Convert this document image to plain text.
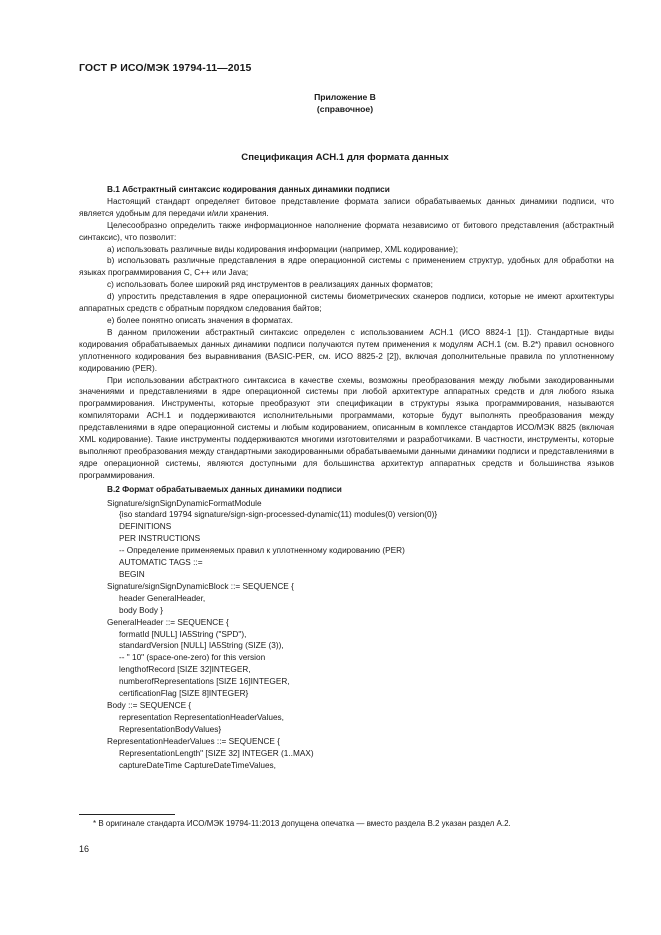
ГОСТ Р ИСО/МЭК 19794-11—2015
Приложение В
(справочное)
Спецификация АСН.1 для формата данных
В.1 Абстрактный синтаксис кодирования данных динамики подписи
Настоящий стандарт определяет битовое представление формата записи обрабатываемых данных динамики подписи, что является удобным для передачи и/или хранения.
Целесообразно определить также информационное наполнение формата независимо от битового представления (абстрактный синтаксис), что позволит:
а) использовать различные виды кодирования информации (например, XML кодирование);
b) использовать различные представления в ядре операционной системы с применением структур, удобных для обработки на языках программирования С, С++ или Java;
c) использовать более широкий ряд инструментов в реализациях данных форматов;
d) упростить представления в ядре операционной системы биометрических сканеров подписи, которые не имеют архитектуры аппаратных средств с обратным порядком следования байтов;
e) более понятно описать значения в форматах.
В данном приложении абстрактный синтаксис определен с использованием АСН.1 (ИСО 8824-1 [1]). Стандартные виды кодирования обрабатываемых данных динамики подписи получаются путем применения к модулям АСН.1 (см. В.2*) правил основного уплотненного кодирования без выравнивания (BASIC-PER, см. ИСО 8825-2 [2]), включая дополнительные правила по уплотненному кодированию (PER).
При использовании абстрактного синтаксиса в качестве схемы, возможны преобразования между любыми закодированными значениями и представлениями в ядре операционной системы при любой архитектуре аппаратных средств и для любого языка программирования. Инструменты, которые преобразуют эти спецификации в структуры языка программирования, называются компиляторами АСН.1 и поддерживаются исполнительными программами, которые будут выполнять преобразования между представлениями в ядре операционной системы и любым кодированием, описанным в комплексе стандартов ИСО/МЭК 8825 (включая XML кодирование). Такие инструменты поддерживаются многими изготовителями и разработчиками. В частности, инструменты, которые выполняют преобразования между стандартными закодированными обрабатываемыми данными динамики подписи и представлениями в ядре операционной системы, являются доступными для большинства архитектур аппаратных средств и большинства языков программирования.
В.2 Формат обрабатываемых данных динамики подписи
Signature/signSignDynamicFormatModule
{iso standard 19794 signature/sign-sign-processed-dynamic(11) modules(0) version(0)}
DEFINITIONS
PER INSTRUCTIONS
-- Определение применяемых правил к уплотненному кодированию (PER)
AUTOMATIC TAGS ::=
BEGIN
Signature/signSignDynamicBlock ::= SEQUENCE {
header GeneralHeader,
body Body }
GeneralHeader ::= SEQUENCE {
formatId [NULL] IA5String ("SPD"),
standardVersion [NULL] IA5String (SIZE (3)),
-- " 10" (space-one-zero) for this version
lengthofRecord [SIZE 32]INTEGER,
numberofRepresentations [SIZE 16]INTEGER,
certificationFlag [SIZE 8]INTEGER}
Body ::= SEQUENCE {
representation RepresentationHeaderValues,
RepresentationBodyValues}
RepresentationHeaderValues ::= SEQUENCE {
RepresentationLength" [SIZE 32] INTEGER (1..MAX)
captureDateTime CaptureDateTimeValues,
* В оригинале стандарта ИСО/МЭК 19794-11:2013 допущена опечатка — вместо раздела В.2 указан раздел А.2.
16
